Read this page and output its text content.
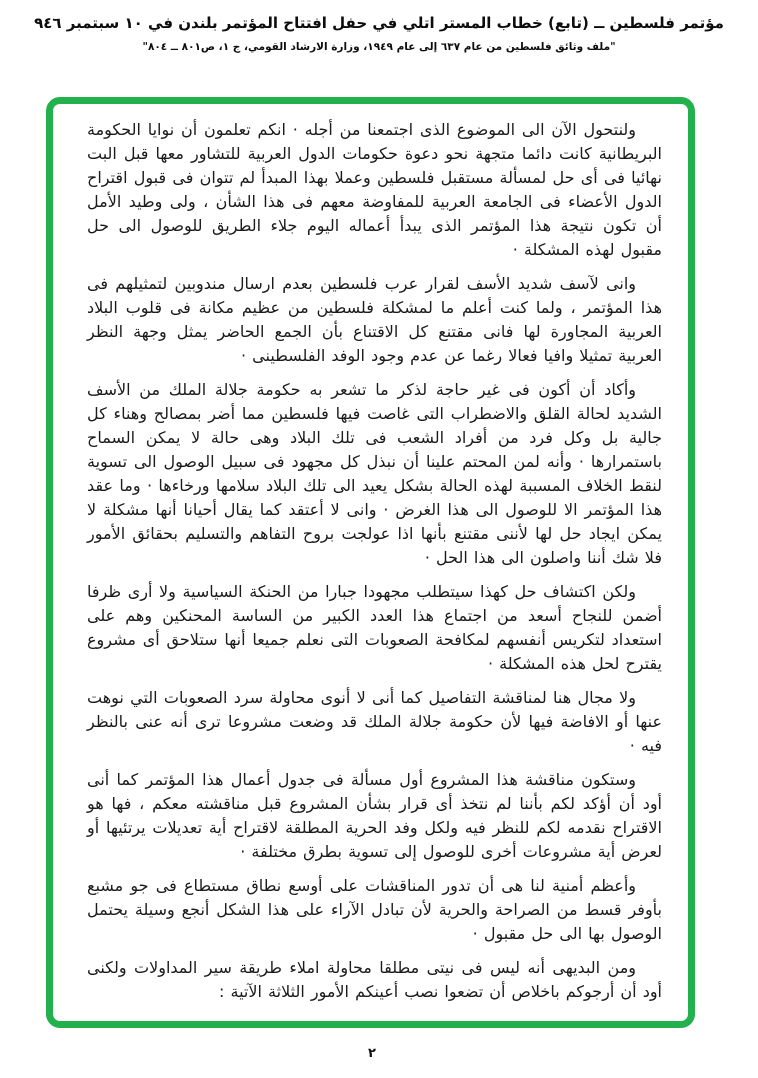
مؤتمر فلسطين ــ (تابع) خطاب المستر اتلي في حفل افتتاح المؤتمر بلندن في ١٠ سبتمبر ٩٤٦
"ملف وثائق فلسطين من عام ٦٣٧ إلى عام ١٩٤٩، وزارة الارشاد القومي، ج ١، ص٨٠١ ــ ٨٠٤"

ولنتحول الآن الى الموضوع الذى اجتمعنا من أجله · انكم تعلمون أن نوايا الحكومة البريطانية كانت دائما متجهة نحو دعوة حكومات الدول العربية للتشاور معها قبل البت نهائيا فى أى حل لمسألة مستقبل فلسطين وعملا بهذا المبدأ لم تتوان فى قبول اقتراح الدول الأعضاء فى الجامعة العربية للمفاوضة معهم فى هذا الشأن ، ولى وطيد الأمل أن تكون نتيجة هذا المؤتمر الذى يبدأ أعماله اليوم جلاء الطريق للوصول الى حل مقبول لهذه المشكلة ·

وانى لآسف شديد الأسف لقرار عرب فلسطين بعدم ارسال مندوبين لتمثيلهم فى هذا المؤتمر ، ولما كنت أعلم ما لمشكلة فلسطين من عظيم مكانة فى قلوب البلاد العربية المجاورة لها فانى مقتنع كل الاقتناع بأن الجمع الحاضر يمثل وجهة النظر العربية تمثيلا وافيا فعالا رغما عن عدم وجود الوفد الفلسطينى ·

وأكاد أن أكون فى غير حاجة لذكر ما تشعر به حكومة جلالة الملك من الأسف الشديد لحالة القلق والاضطراب التى غاصت فيها فلسطين مما أضر بمصالح وهناء كل جالية بل وكل فرد من أفراد الشعب فى تلك البلاد وهى حالة لا يمكن السماح باستمرارها · وأنه لمن المحتم علينا أن نبذل كل مجهود فى سبيل الوصول الى تسوية لنقط الخلاف المسببة لهذه الحالة بشكل يعيد الى تلك البلاد سلامها ورخاءها · وما عقد هذا المؤتمر الا للوصول الى هذا الغرض · وانى لا أعتقد كما يقال أحيانا أنها مشكلة لا يمكن ايجاد حل لها لأننى مقتنع بأنها اذا عولجت بروح التفاهم والتسليم بحقائق الأمور فلا شك أننا واصلون الى هذا الحل ·

ولكن اكتشاف حل كهذا سيتطلب مجهودا جبارا من الحنكة السياسية ولا أرى ظرفا أضمن للنجاح أسعد من اجتماع هذا العدد الكبير من الساسة المحنكين وهم على استعداد لتكريس أنفسهم لمكافحة الصعوبات التى نعلم جميعا أنها ستلاحق أى مشروع يقترح لحل هذه المشكلة ·

ولا مجال هنا لمناقشة التفاصيل كما أنى لا أنوى محاولة سرد الصعوبات التي نوهت عنها أو الافاضة فيها لأن حكومة جلالة الملك قد وضعت مشروعا ترى أنه عنى بالنظر فيه ·

وستكون مناقشة هذا المشروع أول مسألة فى جدول أعمال هذا المؤتمر كما أنى أود أن أؤكد لكم بأننا لم نتخذ أى قرار بشأن المشروع قبل مناقشته معكم ، فها هو الاقتراح نقدمه لكم للنظر فيه ولكل وفد الحرية المطلقة لاقتراح أية تعديلات يرتئيها أو لعرض أية مشروعات أخرى للوصول إلى تسوية بطرق مختلفة ·

وأعظم أمنية لنا هى أن تدور المناقشات على أوسع نطاق مستطاع فى جو مشبع بأوفر قسط من الصراحة والحرية لأن تبادل الآراء على هذا الشكل أنجع وسيلة يحتمل الوصول بها الى حل مقبول ·

ومن البديهى أنه ليس فى نيتى مطلقا محاولة املاء طريقة سير المداولات ولكنى أود أن أرجوكم باخلاص أن تضعوا نصب أعينكم الأمور الثلاثة الآتية :

٢
